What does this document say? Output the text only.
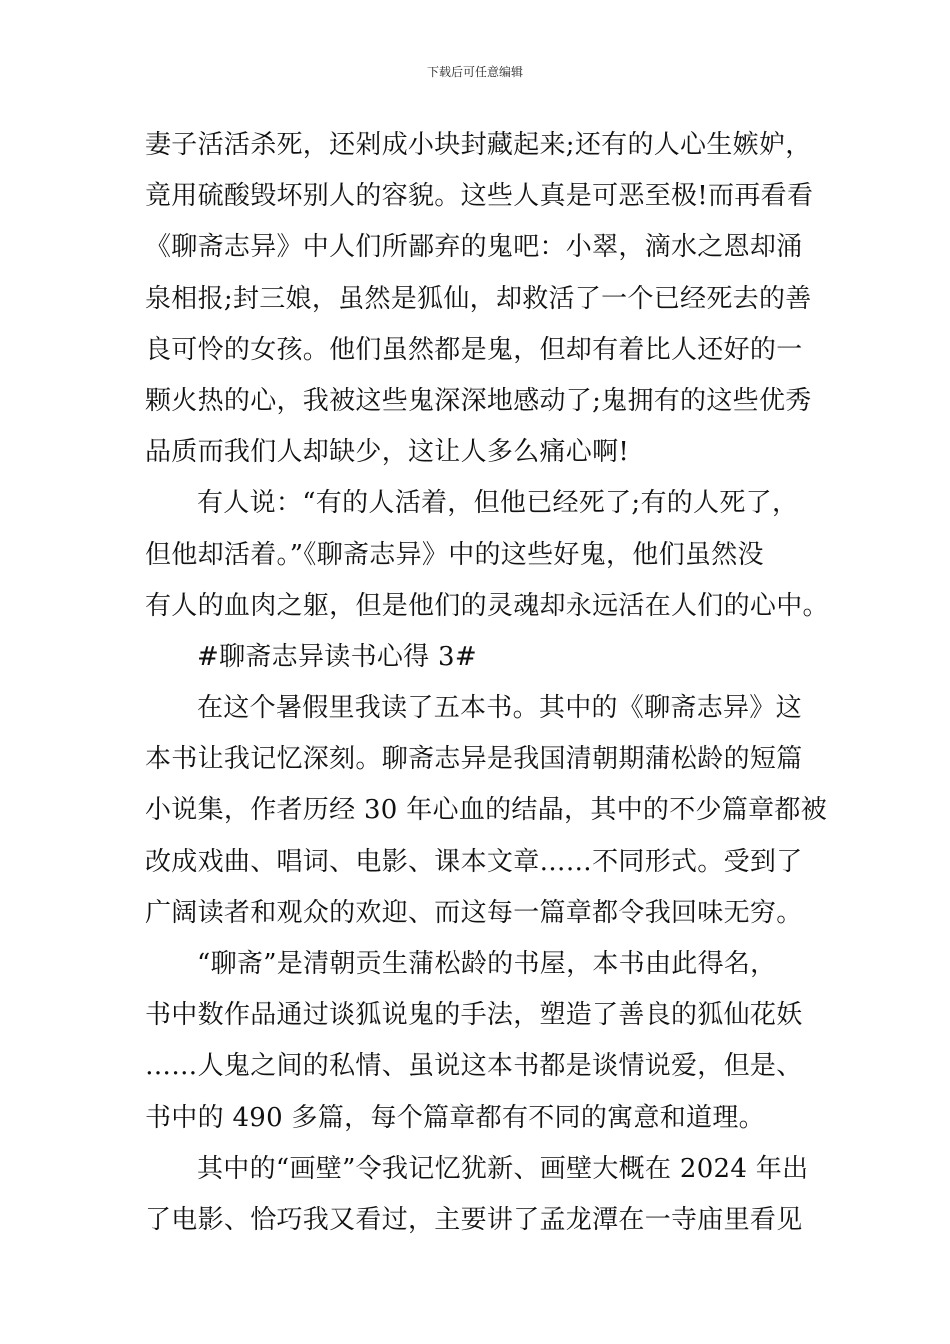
下载后可任意编辑
妻子活活杀死，还剁成小块封藏起来;还有的人心生嫉妒，
竟用硫酸毁坏别人的容貌。这些人真是可恶至极!而再看看
《聊斋志异》中人们所鄙弃的鬼吧：小翠，滴水之恩却涌
泉相报;封三娘，虽然是狐仙，却救活了一个已经死去的善
良可怜的女孩。他们虽然都是鬼，但却有着比人还好的一
颗火热的心，我被这些鬼深深地感动了;鬼拥有的这些优秀
品质而我们人却缺少，这让人多么痛心啊!
有人说：“有的人活着，但他已经死了;有的人死了，
但他却活着。”《聊斋志异》中的这些好鬼，他们虽然没
有人的血肉之躯，但是他们的灵魂却永远活在人们的心中。
#聊斋志异读书心得 3#
在这个暑假里我读了五本书。其中的《聊斋志异》这
本书让我记忆深刻。聊斋志异是我国清朝期蒲松龄的短篇
小说集，作者历经 30 年心血的结晶，其中的不少篇章都被
改成戏曲、唱词、电影、课本文章……不同形式。受到了
广阔读者和观众的欢迎、而这每一篇章都令我回味无穷。
“聊斋”是清朝贡生蒲松龄的书屋，本书由此得名，
书中数作品通过谈狐说鬼的手法，塑造了善良的狐仙花妖
……人鬼之间的私情、虽说这本书都是谈情说爱，但是、
书中的 490 多篇，每个篇章都有不同的寓意和道理。
其中的“画壁”令我记忆犹新、画壁大概在 2024 年出
了电影、恰巧我又看过，主要讲了孟龙潭在一寺庙里看见
